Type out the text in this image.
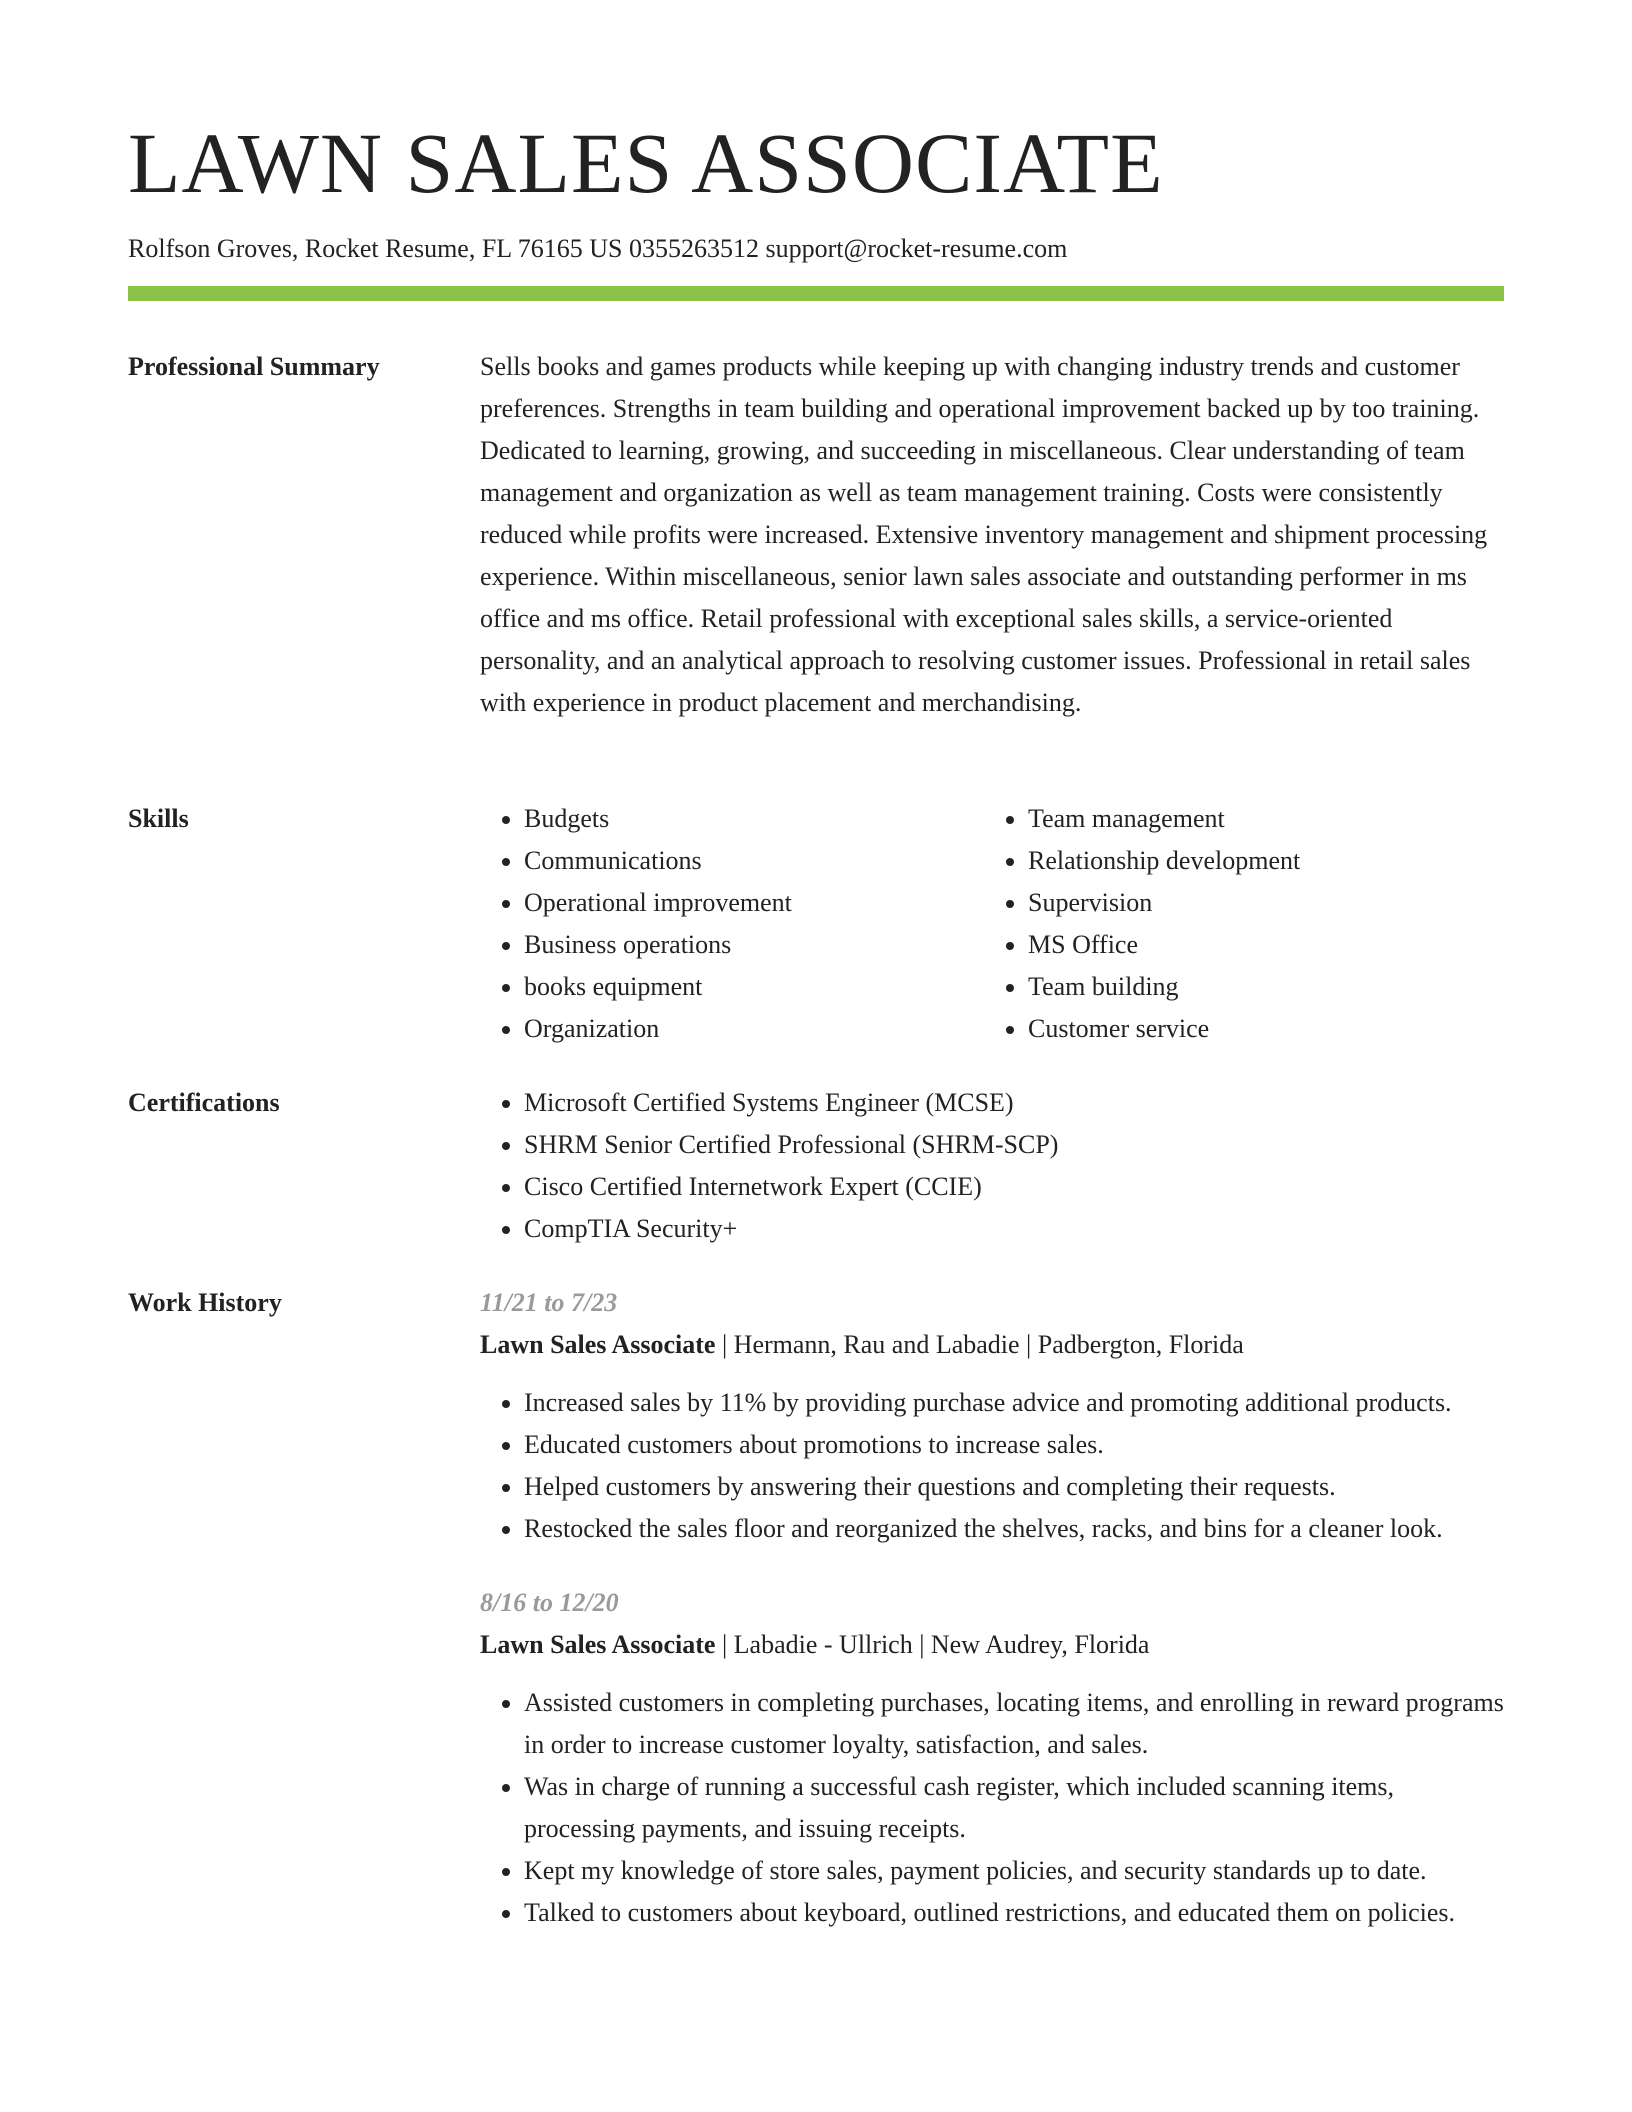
LAWN SALES ASSOCIATE
Rolfson Groves, Rocket Resume, FL 76165 US 0355263512 support@rocket-resume.com
Professional Summary	Sells books and games products while keeping up with changing industry trends and customer preferences. Strengths in team building and operational improvement backed up by too training. Dedicated to learning, growing, and succeeding in miscellaneous. Clear understanding of team management and organization as well as team management training. Costs were consistently reduced while profits were increased. Extensive inventory management and shipment processing experience. Within miscellaneous, senior lawn sales associate and outstanding performer in ms office and ms office. Retail professional with exceptional sales skills, a service-oriented personality, and an analytical approach to resolving customer issues. Professional in retail sales with experience in product placement and merchandising.

Skills	• Budgets
• Communications
• Operational improvement
• Business operations
• books equipment
• Organization
• Team management
• Relationship development
• Supervision
• MS Office
• Team building
• Customer service
Certifications	• Microsoft Certified Systems Engineer (MCSE)
• SHRM Senior Certified Professional (SHRM-SCP)
• Cisco Certified Internetwork Expert (CCIE)
• CompTIA Security+
Work History	11/21 to 7/23
Lawn Sales Associate | Hermann, Rau and Labadie | Padbergton, Florida
• Increased sales by 11% by providing purchase advice and promoting additional products.
• Educated customers about promotions to increase sales.
• Helped customers by answering their questions and completing their requests.
• Restocked the sales floor and reorganized the shelves, racks, and bins for a cleaner look.
8/16 to 12/20
Lawn Sales Associate | Labadie - Ullrich | New Audrey, Florida
• Assisted customers in completing purchases, locating items, and enrolling in reward programs in order to increase customer loyalty, satisfaction, and sales.
• Was in charge of running a successful cash register, which included scanning items, processing payments, and issuing receipts.
• Kept my knowledge of store sales, payment policies, and security standards up to date.
• Talked to customers about keyboard, outlined restrictions, and educated them on policies.
